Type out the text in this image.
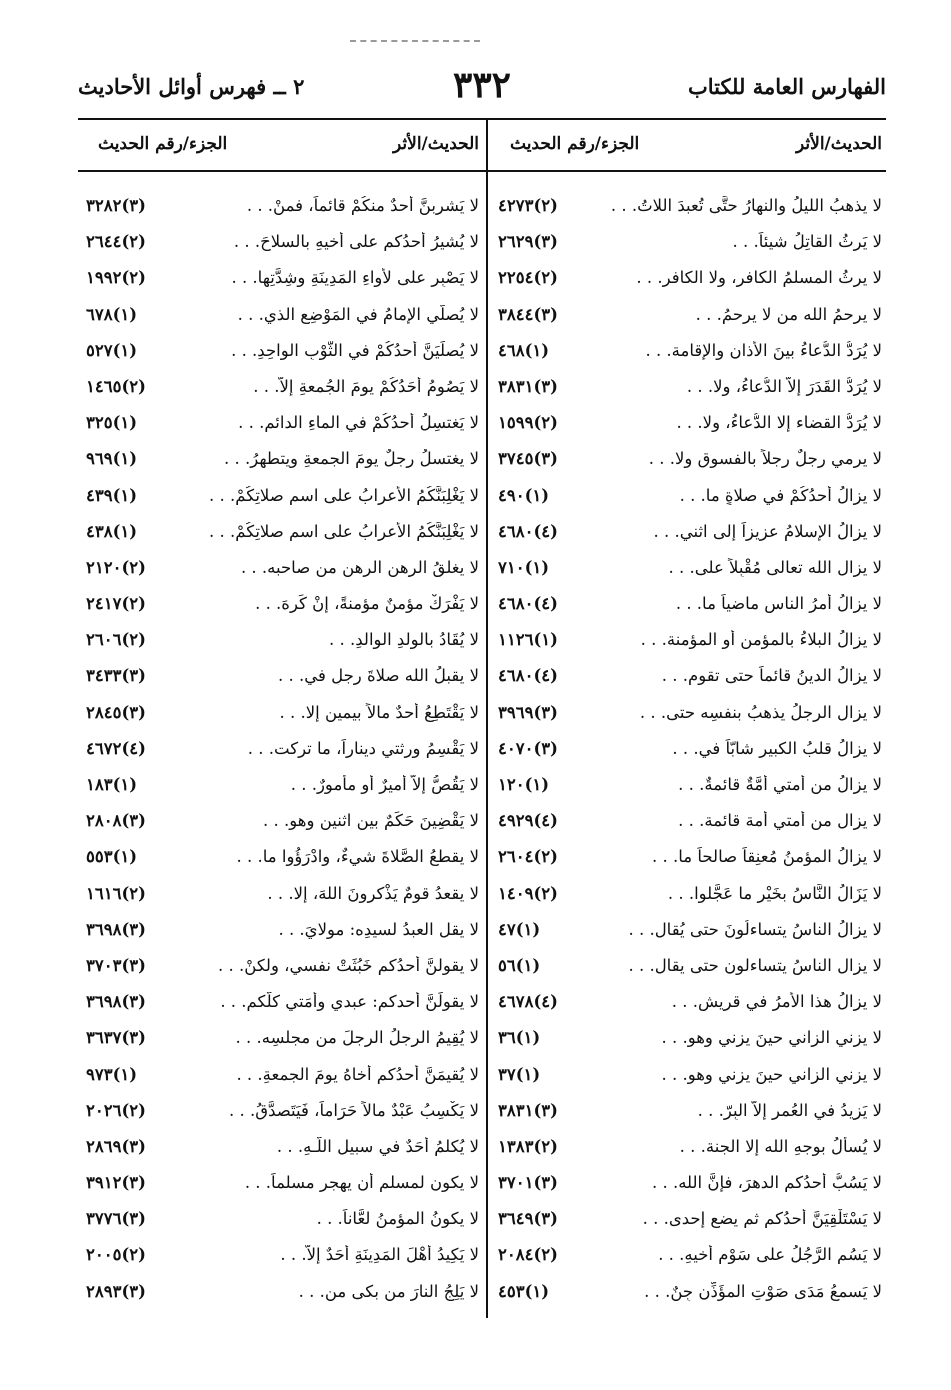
الفهارس العامة للكتاب
٣٣٢
٢ ــ فهرس أوائل الأحاديث
الحديث/الأثر
الجزء/رقم الحديث
لا يذهبُ الليلُ والنهارُ حتَّى تُعبدَ اللاتُ. . .
(٢)٤٢٧٣
لا يَرِثُ القاتِلُ شيئاً. . .
(٣)٢٦٢٩
لا يرِثُ المسلمُ الكافرِ، ولا الكافر. . .
(٢)٢٢٥٤
لا يرحمُ الله من لا يرحمُ. . .
(٣)٣٨٤٤
لا يُرَدُّ الدُّعاءُ بينَ الأذانِ والإقامة. . .
(١)٤٦٨
لا يُرَدُّ القَدَرَ إلاّ الدُّعاءُ، ولا. . .
(٣)٣٨٣١
لا يُرَدُّ القضاء إلا الدُّعاءُ، ولا. . .
(٢)١٥٩٩
لا يرمي رجلٌ رجلاً بالفسوقِ ولا. . .
(٣)٣٧٤٥
لا يزالُ أحدُكُمْ في صلاةٍ ما. . .
(١)٤٩٠
لا يزالُ الإسلامُ عزيزاً إلى اثني. . .
(٤)٤٦٨٠
لا يزال الله تعالى مُقْبِلاً على. . .
(١)٧١٠
لا يزالُ أمرُ الناس ماضياً ما. . .
(٤)٤٦٨٠
لا يزالُ البلاءُ بالمؤمنِ أو المؤمنة. . .
(١)١١٢٦
لا يزالُ الدينُ قائماً حتى تقوم. . .
(٤)٤٦٨٠
لا يزال الرجلُ يذهبُ بنفسِه حتى. . .
(٣)٣٩٦٩
لا يزالُ قلبُ الكبيرِ شابّاً في. . .
(٣)٤٠٧٠
لا يزالُ من أُمتي أُمَّةٌ قائمةٌ. . .
(١)١٢٠
لا يزال من أمتي أمة قائمة. . .
(٤)٤٩٢٩
لا يزالُ المؤمنُ مُعنِقاً صالحاً ما. . .
(٢)٢٦٠٤
لا يَزَالُ النَّاسُ بخَيْرٍ ما عَجَّلوا. . .
(٢)١٤٠٩
لا يزالُ الناسُ يتساءلُونَ حتى يُقال. . .
(١)٤٧
لا يزال الناسُ يتساءلون حتى يقال. . .
(١)٥٦
لا يزالُ هذا الأمرُ في قريش. . .
(٤)٤٦٧٨
لا يزني الزاني حينَ يزني وهو. . .
(١)٣٦
لا يزني الزاني حينَ يزني وهو. . .
(١)٣٧
لا يَزِيدُ في العُمرِ إلاّ البِرّ. . .
(٣)٣٨٣١
لا يُسألُ بوجهِ الله إلا الجنة. . .
(٢)١٣٨٣
لا يَسُبُّ أحدُكم الدهرَ، فإنَّ الله. . .
(٣)٣٧٠١
لا يَسْتَلْقِيَنَّ أحدُكم ثم يضع إحدى. . .
(٣)٣٦٤٩
لا يَسُم الرَّجُلُ على سَوْمِ أخيهِ. . .
(٢)٢٠٨٤
لا يَسمعُ مَدَى صَوْتِ المؤَذِّنِ جِنٌ. . .
(١)٤٥٣
الحديث/الأثر
الجزء/رقم الحديث
لا يَشربنَّ أحدٌ منكُمْ قائماً، فمنْ. . .
(٣)٣٢٨٢
لا يُشيرُ أحدُكم على أخيهِ بالسلاحَ. . .
(٢)٢٦٤٤
لا يَصْبِر على لأواءِ المَدِينَةِ وشِدَّتِها. . .
(٢)١٩٩٢
لا يُصلّي الإمامُ في المَوْضِعِ الذي. . .
(١)٦٧٨
لا يُصلِّيَنَّ أحدُكُمْ في الثَّوْبِ الواحِدِ. . .
(١)٥٢٧
لا يَصُومُ أَحَدُكُمْ يومَ الجُمعةِ إلاّ. . .
(٢)١٤٦٥
لا يَغتسِلُ أحدُكُمْ في الماءِ الدائم. . .
(١)٣٢٥
لا يغتسلُ رجلٌ يومَ الجمعةِ ويتطهرُ. . .
(١)٩٦٩
لا يَغْلِبَنَّكُمُ الأعرابُ على اسم صلاتِكُمْ. . .
(١)٤٣٩
لا يَغْلِبَنَّكُمُ الأعرابُ على اسم صلاتِكُمْ. . .
(١)٤٣٨
لا يغلقُ الرهن الرهن من صاحبه. . .
(٢)٢١٢٠
لا يَفْرَكْ مؤمنٌ مؤمنةً، إنْ كَرِهَ. . .
(٢)٢٤١٧
لا يُقَادُ بالولدِ الوالدِ. . .
(٢)٢٦٠٦
لا يقبلُ الله صلاةَ رجلٍ في. . .
(٣)٣٤٣٣
لا يَقْتَطِعُ أحدٌ مالاً بيمينٍ إلا. . .
(٣)٢٨٤٥
لا يَقْسِمُ ورثتي ديناراً، ما تركت. . .
(٤)٤٦٧٢
لا يَقُصُّ إلاّ أميرٌ أو مأمورٌ. . .
(١)١٨٣
لا يَقْضِينَ حَكَمٌ بين اثنين وهو. . .
(٣)٢٨٠٨
لا يقطعُ الصَّلاةَ شيءٌ، وادْرَؤُوا ما. . .
(١)٥٥٣
لا يقعدُ قومٌ يَذْكرونَ اللهَ، إلا. . .
(٢)١٦١٦
لا يقل العبدُ لسيدِه: مولايَ. . .
(٣)٣٦٩٨
لا يقولنَّ أحدُكم خَبُثَتْ نفسي، ولكنْ. . .
(٣)٣٧٠٣
لا يقولَنَّ أحدكم: عبدي وأَمَتي كلُّكم. . .
(٣)٣٦٩٨
لا يُقِيمُ الرجلُ الرجلَ من مجلسِه. . .
(٣)٣٦٣٧
لا يُقيمَنَّ أحدُكم أخاهُ يومَ الجمعةِ. . .
(١)٩٧٣
لا يَكْسِبُ عَبْدٌ مالاً حَرَاماً، فَيَتَصدَّقُ. . .
(٢)٢٠٢٦
لا يُكلمُ أحَدٌ في سبيلِ اللَّـهِ. . .
(٣)٢٨٦٩
لا يكون لمسلم أن يهجر مسلماً. . .
(٣)٣٩١٢
لا يكونُ المؤمنُ لعَّاناً. . .
(٣)٣٧٧٦
لا يَكِيدُ أهْلَ المَدِينَةِ أحَدٌ إلاّ. . .
(٢)٢٠٠٥
لا يَلِجُ النارَ من بكى من. . .
(٣)٢٨٩٣
